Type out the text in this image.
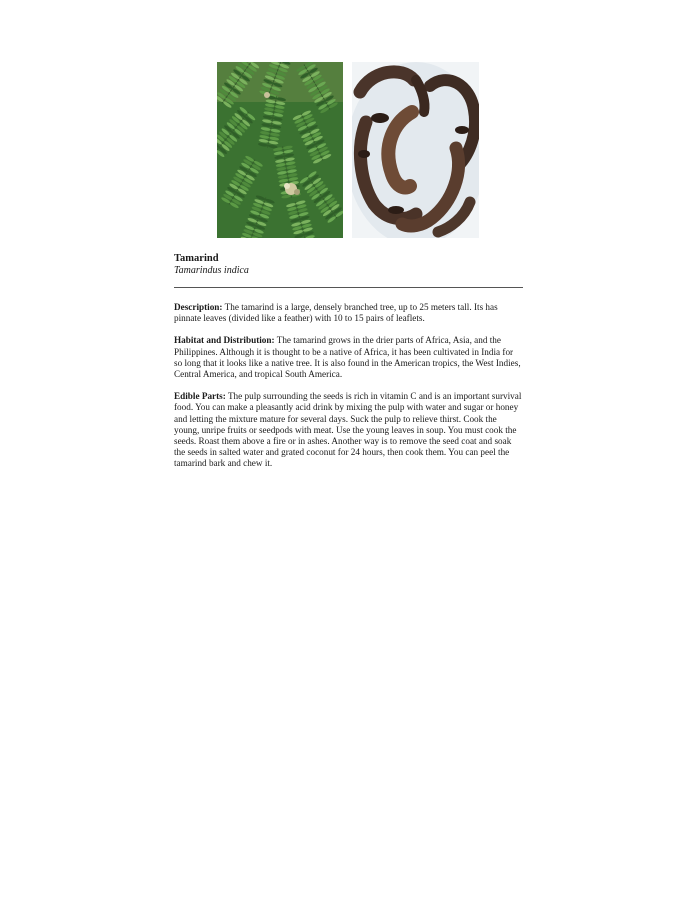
Tamarind

Tamarindus indica

Description: The tamarind is a large, densely branched tree, up to 25 meters tall. Its has pinnate leaves (divided like a feather) with 10 to 15 pairs of leaflets.

Habitat and Distribution: The tamarind grows in the drier parts of Africa, Asia, and the Philippines. Although it is thought to be a native of Africa, it has been cultivated in India for so long that it looks like a native tree. It is also found in the American tropics, the West Indies, Central America, and tropical South America.

Edible Parts: The pulp surrounding the seeds is rich in vitamin C and is an important survival food. You can make a pleasantly acid drink by mixing the pulp with water and sugar or honey and letting the mixture mature for several days. Suck the pulp to relieve thirst. Cook the young, unripe fruits or seedpods with meat. Use the young leaves in soup. You must cook the seeds. Roast them above a fire or in ashes. Another way is to remove the seed coat and soak the seeds in salted water and grated coconut for 24 hours, then cook them. You can peel the tamarind bark and chew it.
